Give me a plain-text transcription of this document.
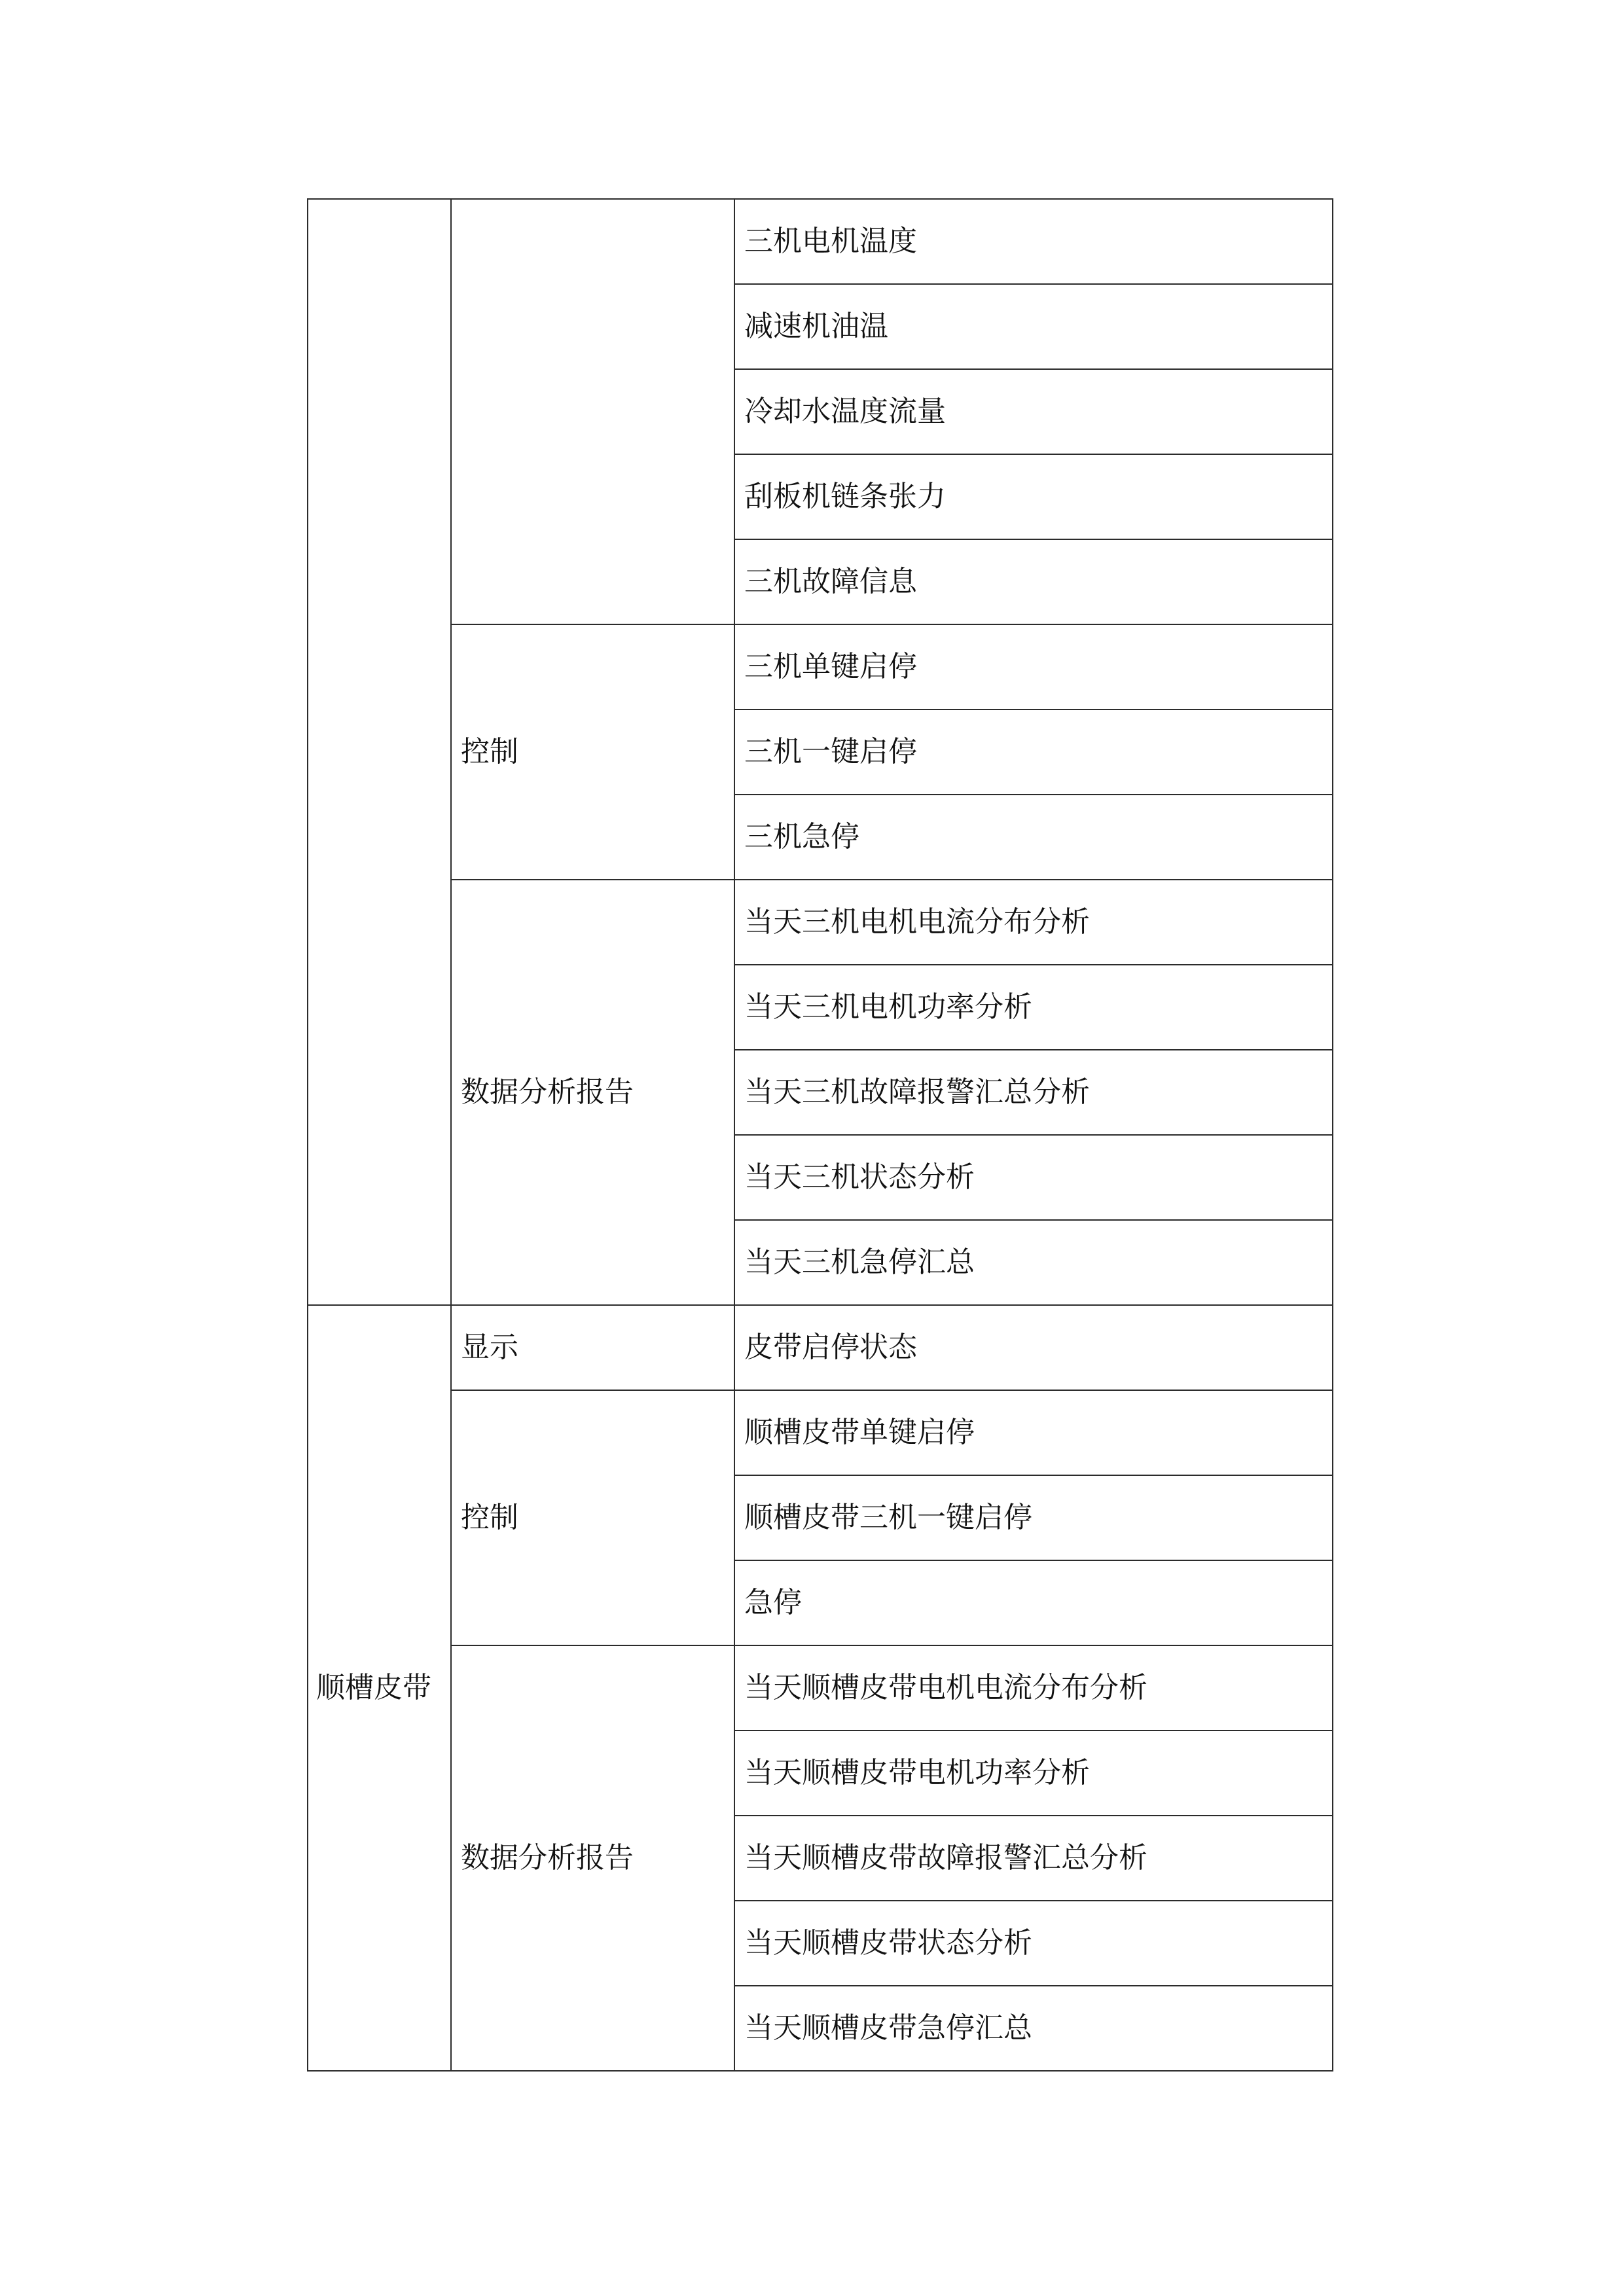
		三机电机温度
		减速机油温
		冷却水温度流量
		刮板机链条张力
		三机故障信息
	控制	三机单键启停
		三机一键启停
		三机急停
	数据分析报告	当天三机电机电流分布分析
		当天三机电机功率分析
		当天三机故障报警汇总分析
		当天三机状态分析
		当天三机急停汇总
顺槽皮带	显示	皮带启停状态
	控制	顺槽皮带单键启停
		顺槽皮带三机一键启停
		急停
	数据分析报告	当天顺槽皮带电机电流分布分析
		当天顺槽皮带电机功率分析
		当天顺槽皮带故障报警汇总分析
		当天顺槽皮带状态分析
		当天顺槽皮带急停汇总
